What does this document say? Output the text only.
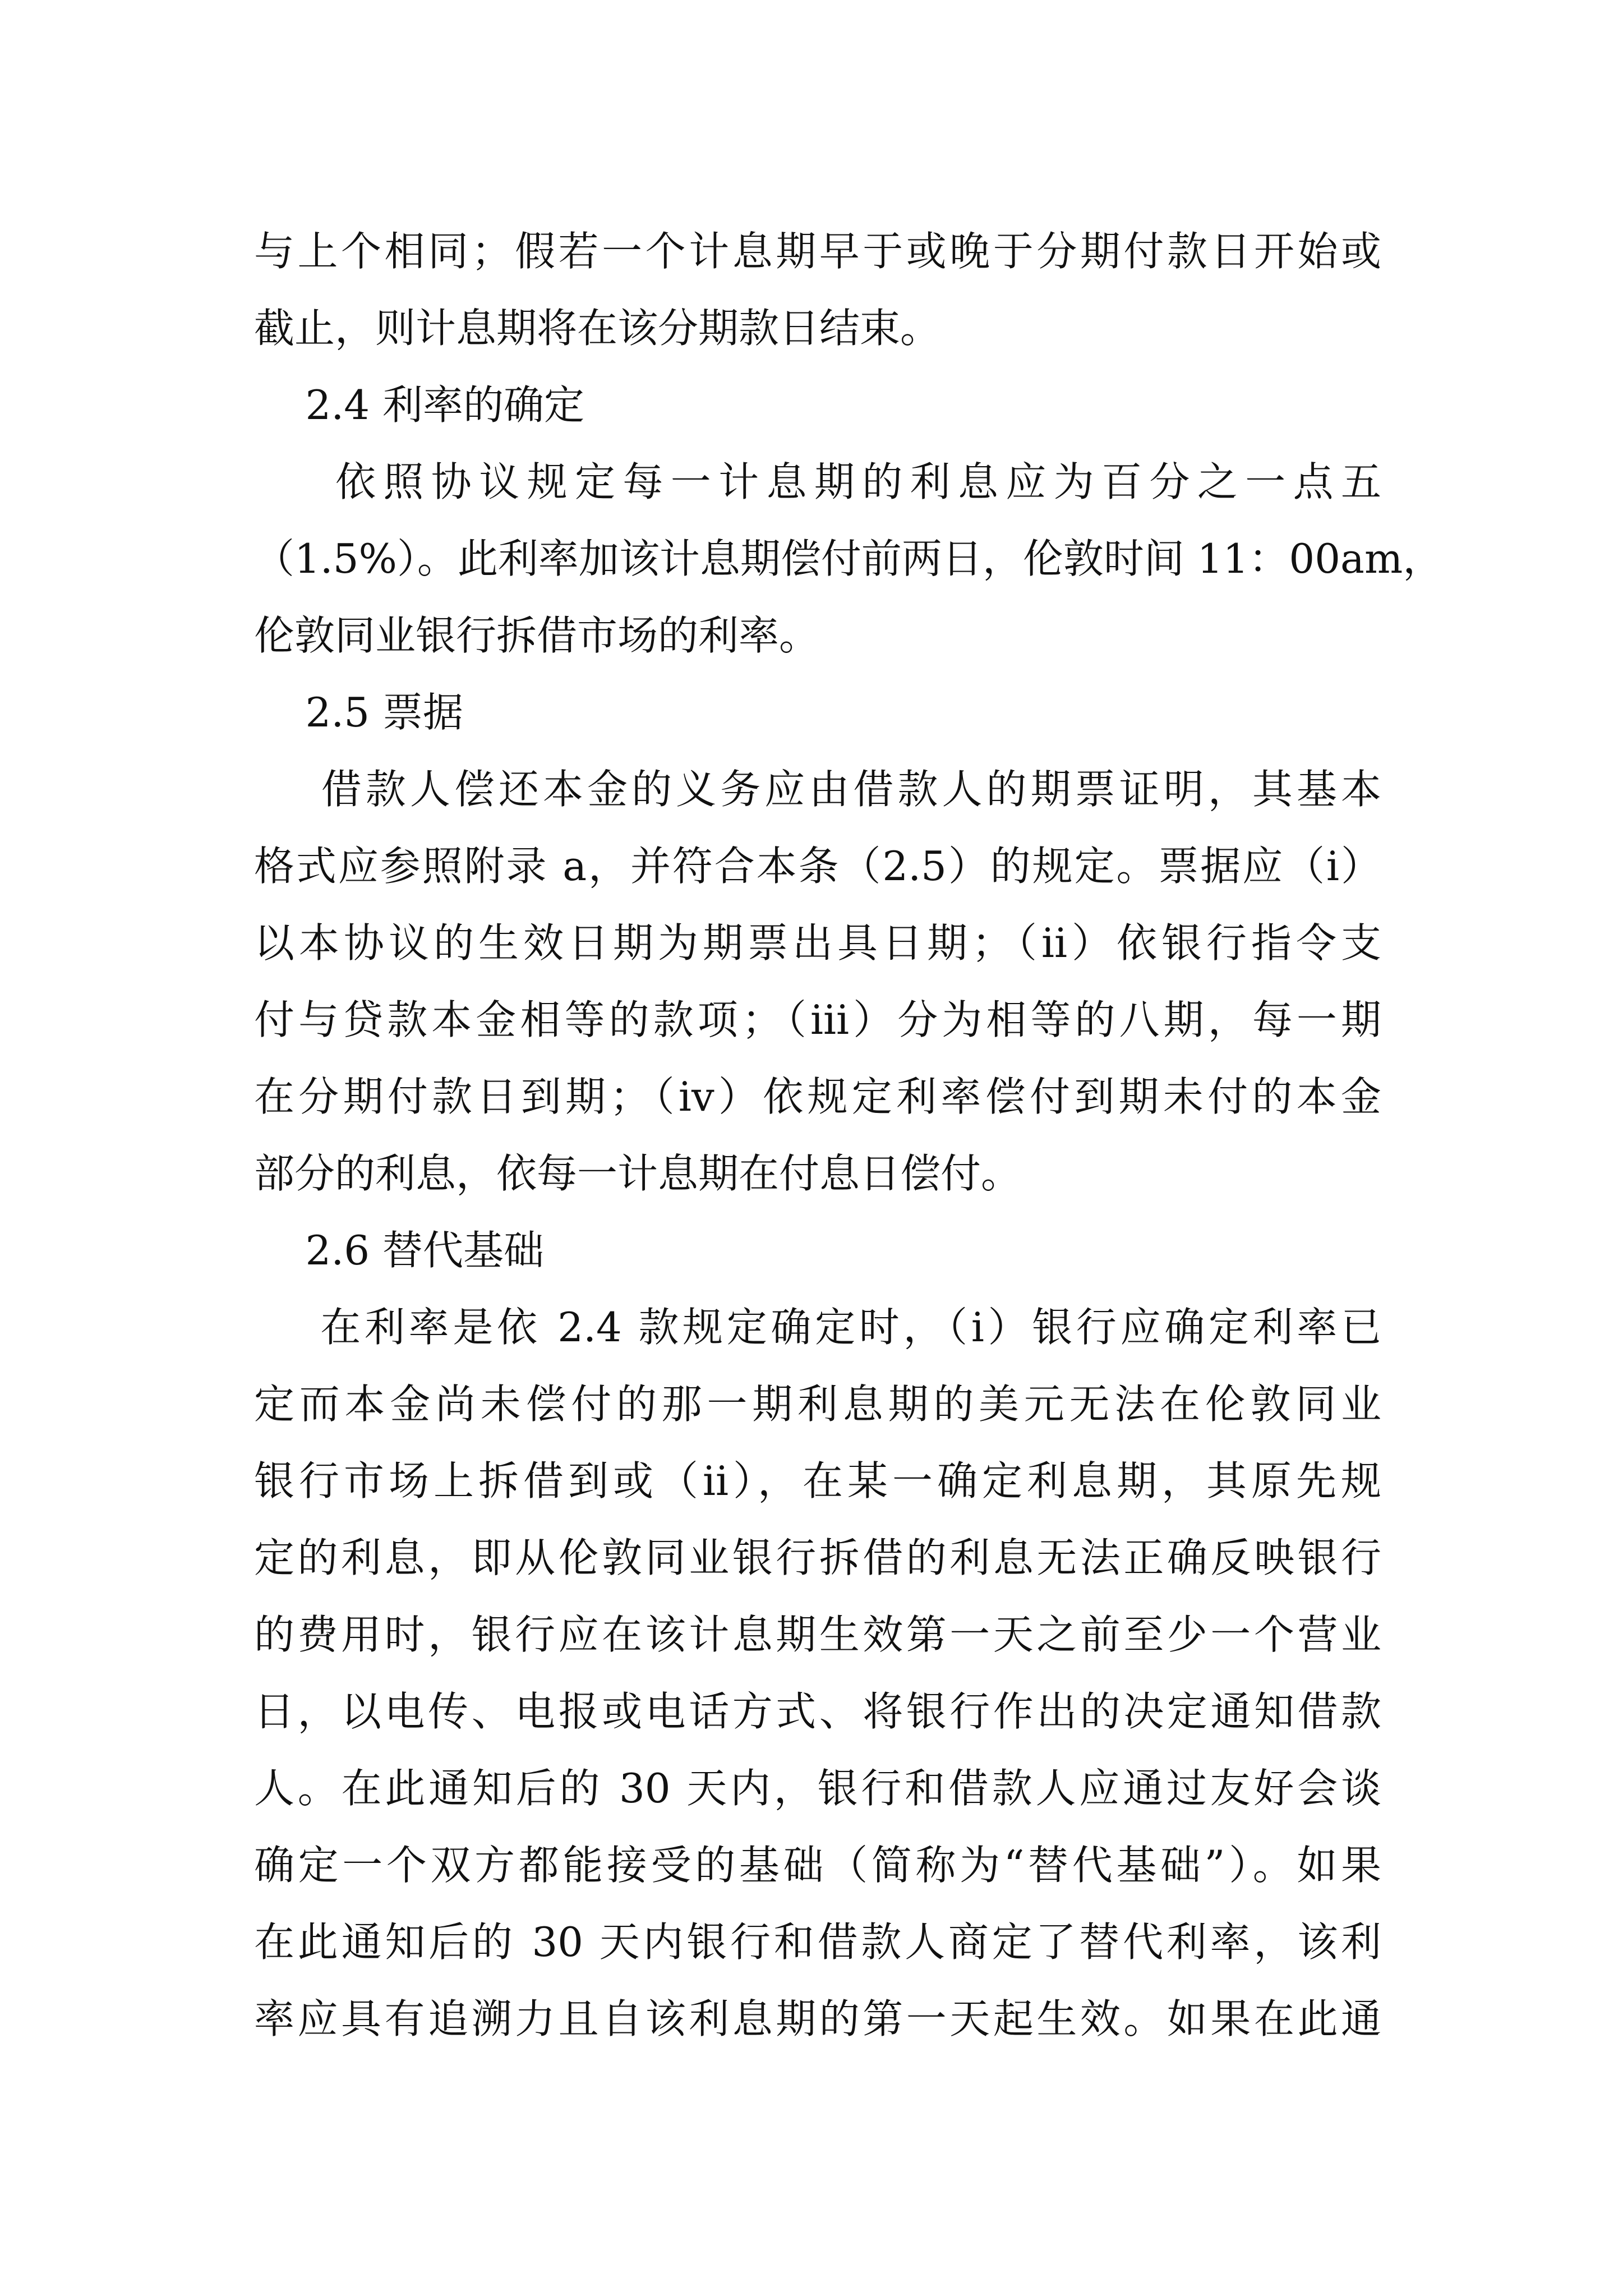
与上个相同；假若一个计息期早于或晚于分期付款日开始或
截止，则计息期将在该分期款日结束。
2.4 利率的确定
依照协议规定每一计息期的利息应为百分之一点五
（1.5%）。此利率加该计息期偿付前两日，伦敦时间 11：00am，
伦敦同业银行拆借市场的利率。
2.5 票据
借款人偿还本金的义务应由借款人的期票证明，其基本
格式应参照附录 a，并符合本条（2.5）的规定。票据应（i）
以本协议的生效日期为期票出具日期；（ii）依银行指令支
付与贷款本金相等的款项；（iii）分为相等的八期，每一期
在分期付款日到期；（iv）依规定利率偿付到期未付的本金
部分的利息，依每一计息期在付息日偿付。
2.6 替代基础
在利率是依 2.4 款规定确定时，（i）银行应确定利率已
定而本金尚未偿付的那一期利息期的美元无法在伦敦同业
银行市场上拆借到或（ii），在某一确定利息期，其原先规
定的利息，即从伦敦同业银行拆借的利息无法正确反映银行
的费用时，银行应在该计息期生效第一天之前至少一个营业
日，以电传、电报或电话方式、将银行作出的决定通知借款
人。在此通知后的 30 天内，银行和借款人应通过友好会谈
确定一个双方都能接受的基础（简称为“替代基础”）。如果
在此通知后的 30 天内银行和借款人商定了替代利率，该利
率应具有追溯力且自该利息期的第一天起生效。如果在此通
